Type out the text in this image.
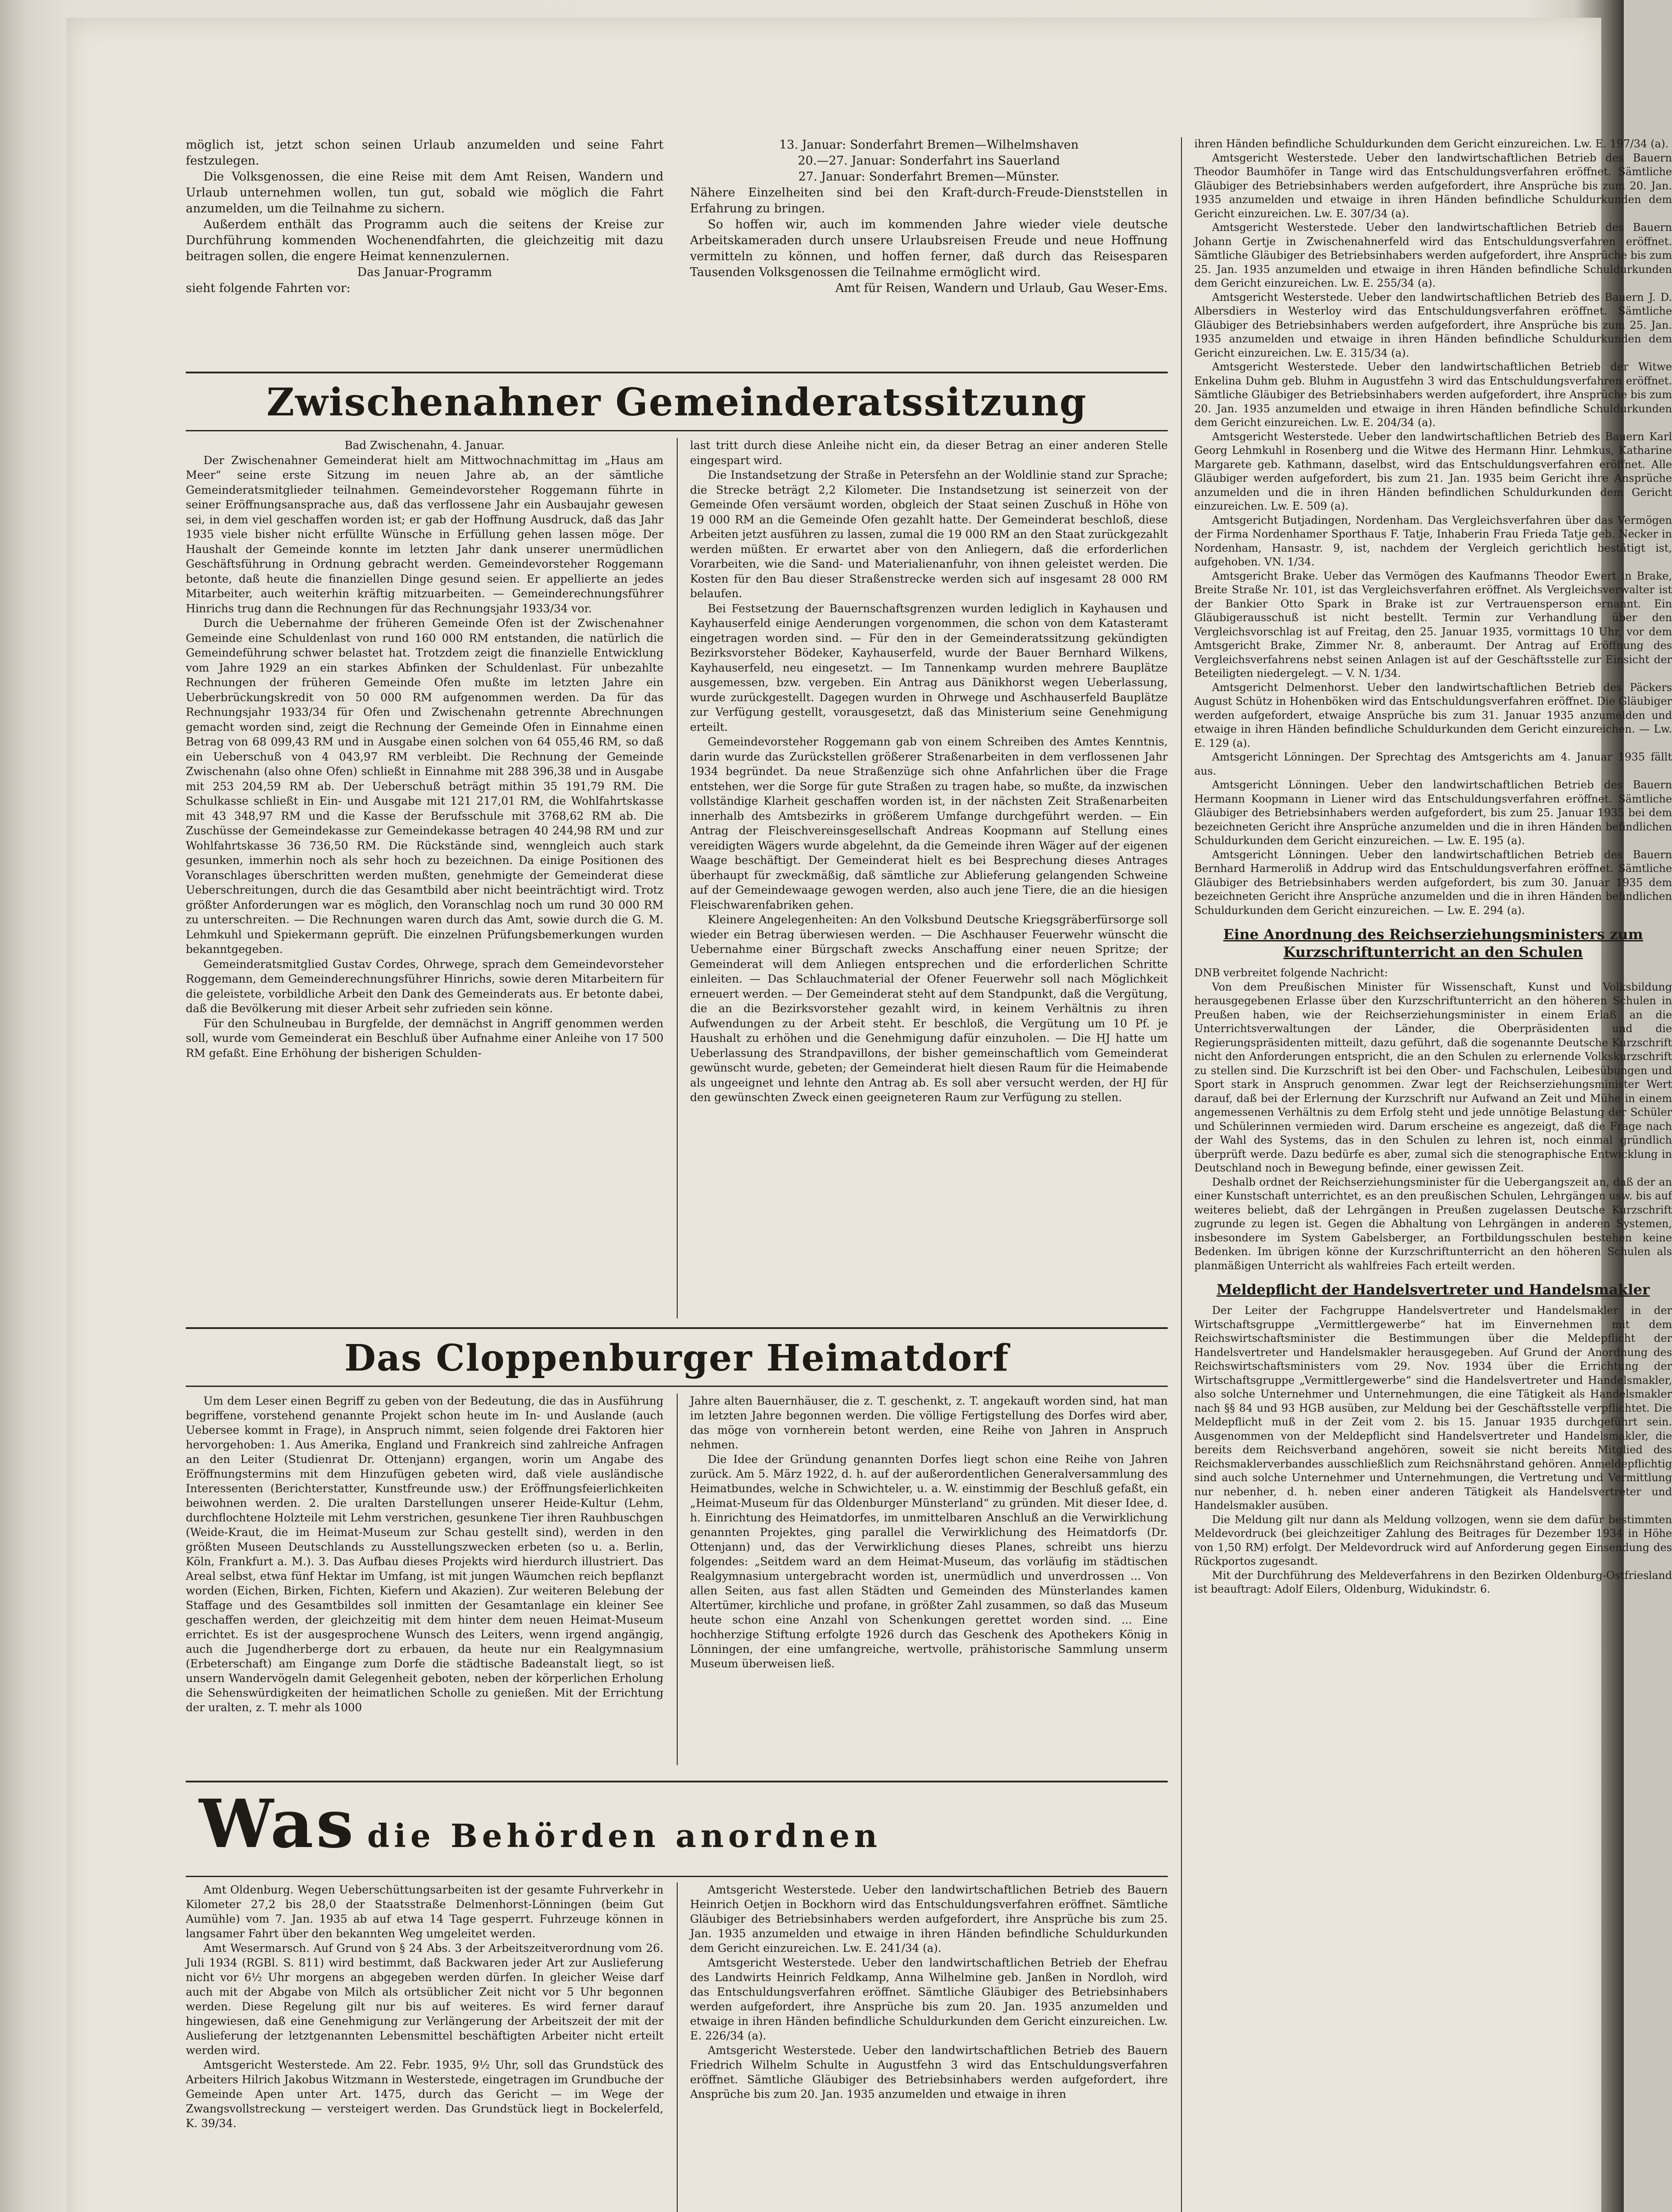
möglich ist, jetzt schon seinen Urlaub anzumelden und seine Fahrt festzulegen.

Die Volksgenossen, die eine Reise mit dem Amt Reisen, Wandern und Urlaub unternehmen wollen, tun gut, sobald wie möglich die Fahrt anzumelden, um die Teilnahme zu sichern.

Außerdem enthält das Programm auch die seitens der Kreise zur Durchführung kommenden Wochenendfahrten, die gleichzeitig mit dazu beitragen sollen, die engere Heimat kennenzulernen.

Das Januar-Programm

sieht folgende Fahrten vor:

13. Januar: Sonderfahrt Bremen—Wilhelmshaven

20.—27. Januar: Sonderfahrt ins Sauerland

27. Januar: Sonderfahrt Bremen—Münster.

Nähere Einzelheiten sind bei den Kraft-durch-Freude-Dienststellen in Erfahrung zu bringen.

So hoffen wir, auch im kommenden Jahre wieder viele deutsche Arbeitskameraden durch unsere Urlaubsreisen Freude und neue Hoffnung vermitteln zu können, und hoffen ferner, daß durch das Reisesparen Tausenden Volksgenossen die Teilnahme ermöglicht wird.

Amt für Reisen, Wandern und Urlaub, Gau Weser-Ems.

Zwischenahner Gemeinderatssitzung

Bad Zwischenahn, 4. Januar.

Der Zwischenahner Gemeinderat hielt am Mittwochnachmittag im „Haus am Meer“ seine erste Sitzung im neuen Jahre ab, an der sämtliche Gemeinderatsmitglieder teilnahmen. Gemeindevorsteher Roggemann führte in seiner Eröffnungsansprache aus, daß das verflossene Jahr ein Ausbaujahr gewesen sei, in dem viel geschaffen worden ist; er gab der Hoffnung Ausdruck, daß das Jahr 1935 viele bisher nicht erfüllte Wünsche in Erfüllung gehen lassen möge. Der Haushalt der Gemeinde konnte im letzten Jahr dank unserer unermüdlichen Geschäftsführung in Ordnung gebracht werden. Gemeindevorsteher Roggemann betonte, daß heute die finanziellen Dinge gesund seien. Er appellierte an jedes Mitarbeiter, auch weiterhin kräftig mitzuarbeiten. — Gemeinderechnungsführer Hinrichs trug dann die Rechnungen für das Rechnungsjahr 1933/34 vor.

Durch die Uebernahme der früheren Gemeinde Ofen ist der Zwischenahner Gemeinde eine Schuldenlast von rund 160 000 RM entstanden, die natürlich die Gemeindeführung schwer belastet hat. Trotzdem zeigt die finanzielle Entwicklung vom Jahre 1929 an ein starkes Abfinken der Schuldenlast. Für unbezahlte Rechnungen der früheren Gemeinde Ofen mußte im letzten Jahre ein Ueberbrückungskredit von 50 000 RM aufgenommen werden. Da für das Rechnungsjahr 1933/34 für Ofen und Zwischenahn getrennte Abrechnungen gemacht worden sind, zeigt die Rechnung der Gemeinde Ofen in Einnahme einen Betrag von 68 099,43 RM und in Ausgabe einen solchen von 64 055,46 RM, so daß ein Ueberschuß von 4 043,97 RM verbleibt. Die Rechnung der Gemeinde Zwischenahn (also ohne Ofen) schließt in Einnahme mit 288 396,38 und in Ausgabe mit 253 204,59 RM ab. Der Ueberschuß beträgt mithin 35 191,79 RM. Die Schulkasse schließt in Ein- und Ausgabe mit 121 217,01 RM, die Wohlfahrtskasse mit 43 348,97 RM und die Kasse der Berufsschule mit 3768,62 RM ab. Die Zuschüsse der Gemeindekasse zur Gemeindekasse betragen 40 244,98 RM und zur Wohlfahrtskasse 36 736,50 RM. Die Rückstände sind, wenngleich auch stark gesunken, immerhin noch als sehr hoch zu bezeichnen. Da einige Positionen des Voranschlages überschritten werden mußten, genehmigte der Gemeinderat diese Ueberschreitungen, durch die das Gesamtbild aber nicht beeinträchtigt wird. Trotz größter Anforderungen war es möglich, den Voranschlag noch um rund 30 000 RM zu unterschreiten. — Die Rechnungen waren durch das Amt, sowie durch die G. M. Lehmkuhl und Spiekermann geprüft. Die einzelnen Prüfungsbemerkungen wurden bekanntgegeben.

Gemeinderatsmitglied Gustav Cordes, Ohrwege, sprach dem Gemeindevorsteher Roggemann, dem Gemeinderechnungsführer Hinrichs, sowie deren Mitarbeitern für die geleistete, vorbildliche Arbeit den Dank des Gemeinderats aus. Er betonte dabei, daß die Bevölkerung mit dieser Arbeit sehr zufrieden sein könne.

Für den Schulneubau in Burgfelde, der demnächst in Angriff genommen werden soll, wurde vom Gemeinderat ein Beschluß über Aufnahme einer Anleihe von 17 500 RM gefaßt. Eine Erhöhung der bisherigen Schulden-

last tritt durch diese Anleihe nicht ein, da dieser Betrag an einer anderen Stelle eingespart wird.

Die Instandsetzung der Straße in Petersfehn an der Woldlinie stand zur Sprache; die Strecke beträgt 2,2 Kilometer. Die Instandsetzung ist seinerzeit von der Gemeinde Ofen versäumt worden, obgleich der Staat seinen Zuschuß in Höhe von 19 000 RM an die Gemeinde Ofen gezahlt hatte. Der Gemeinderat beschloß, diese Arbeiten jetzt ausführen zu lassen, zumal die 19 000 RM an den Staat zurückgezahlt werden müßten. Er erwartet aber von den Anliegern, daß die erforderlichen Vorarbeiten, wie die Sand- und Materialienanfuhr, von ihnen geleistet werden. Die Kosten für den Bau dieser Straßenstrecke werden sich auf insgesamt 28 000 RM belaufen.

Bei Festsetzung der Bauernschaftsgrenzen wurden lediglich in Kayhausen und Kayhauserfeld einige Aenderungen vorgenommen, die schon von dem Katasteramt eingetragen worden sind. — Für den in der Gemeinderatssitzung gekündigten Bezirksvorsteher Bödeker, Kayhauserfeld, wurde der Bauer Bernhard Wilkens, Kayhauserfeld, neu eingesetzt. — Im Tannenkamp wurden mehrere Bauplätze ausgemessen, bzw. vergeben. Ein Antrag aus Dänikhorst wegen Ueberlassung, wurde zurückgestellt. Dagegen wurden in Ohrwege und Aschhauserfeld Bauplätze zur Verfügung gestellt, vorausgesetzt, daß das Ministerium seine Genehmigung erteilt.

Gemeindevorsteher Roggemann gab von einem Schreiben des Amtes Kenntnis, darin wurde das Zurückstellen größerer Straßenarbeiten in dem verflossenen Jahr 1934 begründet. Da neue Straßenzüge sich ohne Anfahrlichen über die Frage entstehen, wer die Sorge für gute Straßen zu tragen habe, so mußte, da inzwischen vollständige Klarheit geschaffen worden ist, in der nächsten Zeit Straßenarbeiten innerhalb des Amtsbezirks in größerem Umfange durchgeführt werden. — Ein Antrag der Fleischvereinsgesellschaft Andreas Koopmann auf Stellung eines vereidigten Wägers wurde abgelehnt, da die Gemeinde ihren Wäger auf der eigenen Waage beschäftigt. Der Gemeinderat hielt es bei Besprechung dieses Antrages überhaupt für zweckmäßig, daß sämtliche zur Ablieferung gelangenden Schweine auf der Gemeindewaage gewogen werden, also auch jene Tiere, die an die hiesigen Fleischwarenfabriken gehen.

Kleinere Angelegenheiten: An den Volksbund Deutsche Kriegsgräberfürsorge soll wieder ein Betrag überwiesen werden. — Die Aschhauser Feuerwehr wünscht die Uebernahme einer Bürgschaft zwecks Anschaffung einer neuen Spritze; der Gemeinderat will dem Anliegen entsprechen und die erforderlichen Schritte einleiten. — Das Schlauchmaterial der Ofener Feuerwehr soll nach Möglichkeit erneuert werden. — Der Gemeinderat steht auf dem Standpunkt, daß die Vergütung, die an die Bezirksvorsteher gezahlt wird, in keinem Verhältnis zu ihren Aufwendungen zu der Arbeit steht. Er beschloß, die Vergütung um 10 Pf. je Haushalt zu erhöhen und die Genehmigung dafür einzuholen. — Die HJ hatte um Ueberlassung des Strandpavillons, der bisher gemeinschaftlich vom Gemeinderat gewünscht wurde, gebeten; der Gemeinderat hielt diesen Raum für die Heimabende als ungeeignet und lehnte den Antrag ab. Es soll aber versucht werden, der HJ für den gewünschten Zweck einen geeigneteren Raum zur Verfügung zu stellen.

Das Cloppenburger Heimatdorf

Um dem Leser einen Begriff zu geben von der Bedeutung, die das in Ausführung begriffene, vorstehend genannte Projekt schon heute im In- und Auslande (auch Uebersee kommt in Frage), in Anspruch nimmt, seien folgende drei Faktoren hier hervorgehoben: 1. Aus Amerika, England und Frankreich sind zahlreiche Anfragen an den Leiter (Studienrat Dr. Ottenjann) ergangen, worin um Angabe des Eröffnungstermins mit dem Hinzufügen gebeten wird, daß viele ausländische Interessenten (Berichterstatter, Kunstfreunde usw.) der Eröffnungsfeierlichkeiten beiwohnen werden. 2. Die uralten Darstellungen unserer Heide-Kultur (Lehm, durchflochtene Holzteile mit Lehm verstrichen, gesunkene Tier ihren Rauhbuschgen (Weide-Kraut, die im Heimat-Museum zur Schau gestellt sind), werden in den größten Museen Deutschlands zu Ausstellungszwecken erbeten (so u. a. Berlin, Köln, Frankfurt a. M.). 3. Das Aufbau dieses Projekts wird hierdurch illustriert. Das Areal selbst, etwa fünf Hektar im Umfang, ist mit jungen Wäumchen reich bepflanzt worden (Eichen, Birken, Fichten, Kiefern und Akazien). Zur weiteren Belebung der Staffage und des Gesamtbildes soll inmitten der Gesamtanlage ein kleiner See geschaffen werden, der gleichzeitig mit dem hinter dem neuen Heimat-Museum errichtet. Es ist der ausgesprochene Wunsch des Leiters, wenn irgend angängig, auch die Jugendherberge dort zu erbauen, da heute nur ein Realgymnasium (Erbeterschaft) am Eingange zum Dorfe die städtische Badeanstalt liegt, so ist unsern Wandervögeln damit Gelegenheit geboten, neben der körperlichen Erholung die Sehenswürdigkeiten der heimatlichen Scholle zu genießen. Mit der Errichtung der uralten, z. T. mehr als 1000

Jahre alten Bauernhäuser, die z. T. geschenkt, z. T. angekauft worden sind, hat man im letzten Jahre begonnen werden. Die völlige Fertigstellung des Dorfes wird aber, das möge von vornherein betont werden, eine Reihe von Jahren in Anspruch nehmen.

Die Idee der Gründung genannten Dorfes liegt schon eine Reihe von Jahren zurück. Am 5. März 1922, d. h. auf der außerordentlichen Generalversammlung des Heimatbundes, welche in Schwichteler, u. a. W. einstimmig der Beschluß gefaßt, ein „Heimat-Museum für das Oldenburger Münsterland“ zu gründen. Mit dieser Idee, d. h. Einrichtung des Heimatdorfes, im unmittelbaren Anschluß an die Verwirklichung genannten Projektes, ging parallel die Verwirklichung des Heimatdorfs (Dr. Ottenjann) und, das der Verwirklichung dieses Planes, schreibt uns hierzu folgendes: „Seitdem ward an dem Heimat-Museum, das vorläufig im städtischen Realgymnasium untergebracht worden ist, unermüdlich und unverdrossen ... Von allen Seiten, aus fast allen Städten und Gemeinden des Münsterlandes kamen Altertümer, kirchliche und profane, in größter Zahl zusammen, so daß das Museum heute schon eine Anzahl von Schenkungen gerettet worden sind. ... Eine hochherzige Stiftung erfolgte 1926 durch das Geschenk des Apothekers König in Lönningen, der eine umfangreiche, wertvolle, prähistorische Sammlung unserm Museum überweisen ließ.

Was die Behörden anordnen

Amt Oldenburg. Wegen Ueberschüttungsarbeiten ist der gesamte Fuhrverkehr in Kilometer 27,2 bis 28,0 der Staatsstraße Delmenhorst-Lönningen (beim Gut Aumühle) vom 7. Jan. 1935 ab auf etwa 14 Tage gesperrt. Fuhrzeuge können in langsamer Fahrt über den bekannten Weg umgeleitet werden.

Amt Wesermarsch. Auf Grund von § 24 Abs. 3 der Arbeitszeitverordnung vom 26. Juli 1934 (RGBl. S. 811) wird bestimmt, daß Backwaren jeder Art zur Auslieferung nicht vor 6½ Uhr morgens an abgegeben werden dürfen. In gleicher Weise darf auch mit der Abgabe von Milch als ortsüblicher Zeit nicht vor 5 Uhr begonnen werden. Diese Regelung gilt nur bis auf weiteres. Es wird ferner darauf hingewiesen, daß eine Genehmigung zur Verlängerung der Arbeitszeit der mit der Auslieferung der letztgenannten Lebensmittel beschäftigten Arbeiter nicht erteilt werden wird.

Amtsgericht Westerstede. Am 22. Febr. 1935, 9½ Uhr, soll das Grundstück des Arbeiters Hilrich Jakobus Witzmann in Westerstede, eingetragen im Grundbuche der Gemeinde Apen unter Art. 1475, durch das Gericht — im Wege der Zwangsvollstreckung — versteigert werden. Das Grundstück liegt in Bockelerfeld, K. 39/34.

Amtsgericht Westerstede. Ueber den landwirtschaftlichen Betrieb des Bauern Heinrich Oetjen in Bockhorn wird das Entschuldungsverfahren eröffnet. Sämtliche Gläubiger des Betriebsinhabers werden aufgefordert, ihre Ansprüche bis zum 25. Jan. 1935 anzumelden und etwaige in ihren Händen befindliche Schuldurkunden dem Gericht einzureichen. Lw. E. 241/34 (a).

Amtsgericht Westerstede. Ueber den landwirtschaftlichen Betrieb der Ehefrau des Landwirts Heinrich Feldkamp, Anna Wilhelmine geb. Janßen in Nordloh, wird das Entschuldungsverfahren eröffnet. Sämtliche Gläubiger des Betriebsinhabers werden aufgefordert, ihre Ansprüche bis zum 20. Jan. 1935 anzumelden und etwaige in ihren Händen befindliche Schuldurkunden dem Gericht einzureichen. Lw. E. 226/34 (a).

Amtsgericht Westerstede. Ueber den landwirtschaftlichen Betrieb des Bauern Friedrich Wilhelm Schulte in Augustfehn 3 wird das Entschuldungsverfahren eröffnet. Sämtliche Gläubiger des Betriebsinhabers werden aufgefordert, ihre Ansprüche bis zum 20. Jan. 1935 anzumelden und etwaige in ihren

ihren Händen befindliche Schuldurkunden dem Gericht einzureichen. Lw. E. 197/34 (a).

Amtsgericht Westerstede. Ueber den landwirtschaftlichen Betrieb des Bauern Theodor Baumhöfer in Tange wird das Entschuldungsverfahren eröffnet. Sämtliche Gläubiger des Betriebsinhabers werden aufgefordert, ihre Ansprüche bis zum 20. Jan. 1935 anzumelden und etwaige in ihren Händen befindliche Schuldurkunden dem Gericht einzureichen. Lw. E. 307/34 (a).

Amtsgericht Westerstede. Ueber den landwirtschaftlichen Betrieb des Bauern Johann Gertje in Zwischenahnerfeld wird das Entschuldungsverfahren eröffnet. Sämtliche Gläubiger des Betriebsinhabers werden aufgefordert, ihre Ansprüche bis zum 25. Jan. 1935 anzumelden und etwaige in ihren Händen befindliche Schuldurkunden dem Gericht einzureichen. Lw. E. 255/34 (a).

Amtsgericht Westerstede. Ueber den landwirtschaftlichen Betrieb des Bauern J. D. Albersdiers in Westerloy wird das Entschuldungsverfahren eröffnet. Sämtliche Gläubiger des Betriebsinhabers werden aufgefordert, ihre Ansprüche bis zum 25. Jan. 1935 anzumelden und etwaige in ihren Händen befindliche Schuldurkunden dem Gericht einzureichen. Lw. E. 315/34 (a).

Amtsgericht Westerstede. Ueber den landwirtschaftlichen Betrieb der Witwe Enkelina Duhm geb. Bluhm in Augustfehn 3 wird das Entschuldungsverfahren eröffnet. Sämtliche Gläubiger des Betriebsinhabers werden aufgefordert, ihre Ansprüche bis zum 20. Jan. 1935 anzumelden und etwaige in ihren Händen befindliche Schuldurkunden dem Gericht einzureichen. Lw. E. 204/34 (a).

Amtsgericht Westerstede. Ueber den landwirtschaftlichen Betrieb des Bauern Karl Georg Lehmkuhl in Rosenberg und die Witwe des Hermann Hinr. Lehmkus, Katharine Margarete geb. Kathmann, daselbst, wird das Entschuldungsverfahren eröffnet. Alle Gläubiger werden aufgefordert, bis zum 21. Jan. 1935 beim Gericht ihre Ansprüche anzumelden und die in ihren Händen befindlichen Schuldurkunden dem Gericht einzureichen. Lw. E. 509 (a).

Amtsgericht Butjadingen, Nordenham. Das Vergleichsverfahren über das Vermögen der Firma Nordenhamer Sporthaus F. Tatje, Inhaberin Frau Frieda Tatje geb. Necker in Nordenham, Hansastr. 9, ist, nachdem der Vergleich gerichtlich bestätigt ist, aufgehoben. VN. 1/34.

Amtsgericht Brake. Ueber das Vermögen des Kaufmanns Theodor Ewert in Brake, Breite Straße Nr. 101, ist das Vergleichsverfahren eröffnet. Als Vergleichsverwalter ist der Bankier Otto Spark in Brake ist zur Vertrauensperson ernannt. Ein Gläubigerausschuß ist nicht bestellt. Termin zur Verhandlung über den Vergleichsvorschlag ist auf Freitag, den 25. Januar 1935, vormittags 10 Uhr, vor dem Amtsgericht Brake, Zimmer Nr. 8, anberaumt. Der Antrag auf Eröffnung des Vergleichsverfahrens nebst seinen Anlagen ist auf der Geschäftsstelle zur Einsicht der Beteiligten niedergelegt. — V. N. 1/34.

Amtsgericht Delmenhorst. Ueber den landwirtschaftlichen Betrieb des Päckers August Schütz in Hohenböken wird das Entschuldungsverfahren eröffnet. Die Gläubiger werden aufgefordert, etwaige Ansprüche bis zum 31. Januar 1935 anzumelden und etwaige in ihren Händen befindliche Schuldurkunden dem Gericht einzureichen. — Lw. E. 129 (a).

Amtsgericht Lönningen. Der Sprechtag des Amtsgerichts am 4. Januar 1935 fällt aus.

Amtsgericht Lönningen. Ueber den landwirtschaftlichen Betrieb des Bauern Hermann Koopmann in Liener wird das Entschuldungsverfahren eröffnet. Sämtliche Gläubiger des Betriebsinhabers werden aufgefordert, bis zum 25. Januar 1935 bei dem bezeichneten Gericht ihre Ansprüche anzumelden und die in ihren Händen befindlichen Schuldurkunden dem Gericht einzureichen. — Lw. E. 195 (a).

Amtsgericht Lönningen. Ueber den landwirtschaftlichen Betrieb des Bauern Bernhard Harmeroliß in Addrup wird das Entschuldungsverfahren eröffnet. Sämtliche Gläubiger des Betriebsinhabers werden aufgefordert, bis zum 30. Januar 1935 dem bezeichneten Gericht ihre Ansprüche anzumelden und die in ihren Händen befindlichen Schuldurkunden dem Gericht einzureichen. — Lw. E. 294 (a).

Eine Anordnung des Reichserziehungsministers zum Kurzschriftunterricht an den Schulen

DNB verbreitet folgende Nachricht:

Von dem Preußischen Minister für Wissenschaft, Kunst und Volksbildung herausgegebenen Erlasse über den Kurzschriftunterricht an den höheren Schulen in Preußen haben, wie der Reichserziehungsminister in einem Erlaß an die Unterrichtsverwaltungen der Länder, die Oberpräsidenten und die Regierungspräsidenten mitteilt, dazu geführt, daß die sogenannte Deutsche Kurzschrift nicht den Anforderungen entspricht, die an den Schulen zu erlernende Volkskurzschrift zu stellen sind. Die Kurzschrift ist bei den Ober- und Fachschulen, Leibesübungen und Sport stark in Anspruch genommen. Zwar legt der Reichserziehungsminister Wert darauf, daß bei der Erlernung der Kurzschrift nur Aufwand an Zeit und Mühe in einem angemessenen Verhältnis zu dem Erfolg steht und jede unnötige Belastung der Schüler und Schülerinnen vermieden wird. Darum erscheine es angezeigt, daß die Frage nach der Wahl des Systems, das in den Schulen zu lehren ist, noch einmal gründlich überprüft werde. Dazu bedürfe es aber, zumal sich die stenographische Entwicklung in Deutschland noch in Bewegung befinde, einer gewissen Zeit.

Deshalb ordnet der Reichserziehungsminister für die Uebergangszeit an, daß der an einer Kunstschaft unterrichtet, es an den preußischen Schulen, Lehrgängen usw. bis auf weiteres beliebt, daß der Lehrgängen in Preußen zugelassen Deutsche Kurzschrift zugrunde zu legen ist. Gegen die Abhaltung von Lehrgängen in anderen Systemen, insbesondere im System Gabelsberger, an Fortbildungsschulen bestehen keine Bedenken. Im übrigen könne der Kurzschriftunterricht an den höheren Schulen als planmäßigen Unterricht als wahlfreies Fach erteilt werden.

Meldepflicht der Handelsvertreter und Handelsmakler

Der Leiter der Fachgruppe Handelsvertreter und Handelsmakler in der Wirtschaftsgruppe „Vermittlergewerbe“ hat im Einvernehmen mit dem Reichswirtschaftsminister die Bestimmungen über die Meldepflicht der Handelsvertreter und Handelsmakler herausgegeben. Auf Grund der Anordnung des Reichswirtschaftsministers vom 29. Nov. 1934 über die Errichtung der Wirtschaftsgruppe „Vermittlergewerbe“ sind die Handelsvertreter und Handelsmakler, also solche Unternehmer und Unternehmungen, die eine Tätigkeit als Handelsmakler nach §§ 84 und 93 HGB ausüben, zur Meldung bei der Geschäftsstelle verpflichtet. Die Meldepflicht muß in der Zeit vom 2. bis 15. Januar 1935 durchgeführt sein. Ausgenommen von der Meldepflicht sind Handelsvertreter und Handelsmakler, die bereits dem Reichsverband angehören, soweit sie nicht bereits Mitglied des Reichsmaklerverbandes ausschließlich zum Reichsnährstand gehören. Anmeldepflichtig sind auch solche Unternehmer und Unternehmungen, die Vertretung und Vermittlung nur nebenher, d. h. neben einer anderen Tätigkeit als Handelsvertreter und Handelsmakler ausüben.

Die Meldung gilt nur dann als Meldung vollzogen, wenn sie dem dafür bestimmten Meldevordruck (bei gleichzeitiger Zahlung des Beitrages für Dezember 1934 in Höhe von 1,50 RM) erfolgt. Der Meldevordruck wird auf Anforderung gegen Einsendung des Rückportos zugesandt.

Mit der Durchführung des Meldeverfahrens in den Bezirken Oldenburg-Ostfriesland ist beauftragt: Adolf Eilers, Oldenburg, Widukindstr. 6.
